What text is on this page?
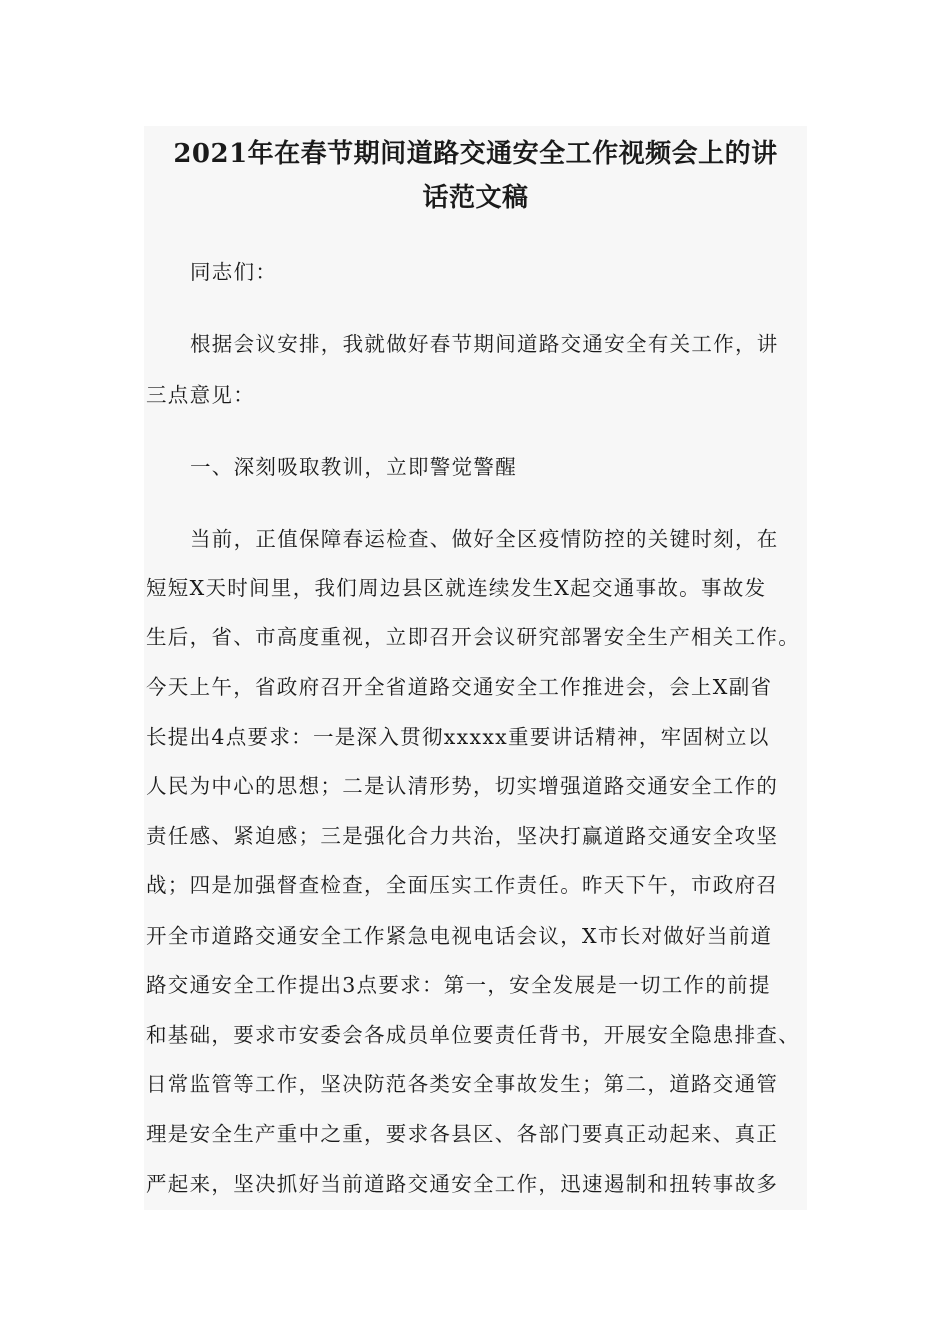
2021年在春节期间道路交通安全工作视频会上的讲
话范文稿

同志们：

根据会议安排，我就做好春节期间道路交通安全有关工作，讲

三点意见：

一、深刻吸取教训，立即警觉警醒

当前，正值保障春运检查、做好全区疫情防控的关键时刻，在

短短X天时间里，我们周边县区就连续发生X起交通事故。事故发

生后，省、市高度重视，立即召开会议研究部署安全生产相关工作。

今天上午，省政府召开全省道路交通安全工作推进会，会上X副省

长提出4点要求：一是深入贯彻xxxxx重要讲话精神，牢固树立以

人民为中心的思想；二是认清形势，切实增强道路交通安全工作的

责任感、紧迫感；三是强化合力共治，坚决打赢道路交通安全攻坚

战；四是加强督查检查，全面压实工作责任。昨天下午，市政府召

开全市道路交通安全工作紧急电视电话会议，X市长对做好当前道

路交通安全工作提出3点要求：第一，安全发展是一切工作的前提

和基础，要求市安委会各成员单位要责任背书，开展安全隐患排查、

日常监管等工作，坚决防范各类安全事故发生；第二，道路交通管

理是安全生产重中之重，要求各县区、各部门要真正动起来、真正

严起来，坚决抓好当前道路交通安全工作，迅速遏制和扭转事故多
